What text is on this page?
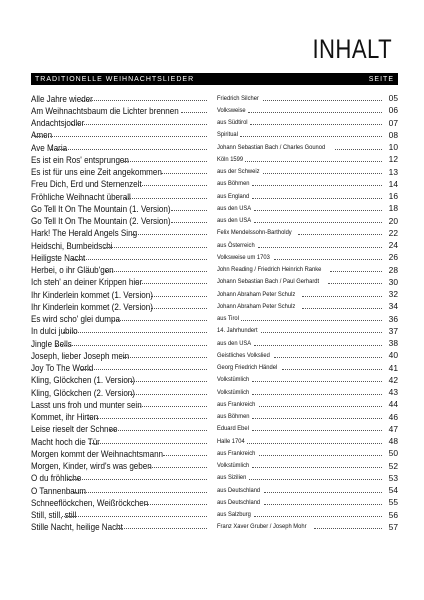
INHALT
TRADITIONELLE WEIHNACHTSLIEDER	SEITE
Alle Jahre wieder	Friedrich Silcher	05
Am Weihnachtsbaum die Lichter brennen	Volksweise	06
Andachtsjodler	aus Südtirol	07
Amen	Spiritual	08
Ave Maria	Johann Sebastian Bach / Charles Gounod	10
Es ist ein Ros' entsprungen	Köln 1599	12
Es ist für uns eine Zeit angekommen	aus der Schweiz	13
Freu Dich, Erd und Sternenzelt	aus Böhmen	14
Fröhliche Weihnacht überall	aus England	16
Go Tell It On The Mountain (1. Version)	aus den USA	18
Go Tell It On The Mountain (2. Version)	aus den USA	20
Hark! The Herald Angels Sing	Felix Mendelssohn-Bartholdy	22
Heidschi, Bumbeidschi	aus Österreich	24
Heiligste Nacht	Volksweise um 1703	26
Herbei, o ihr Gläub'gen	John Reading / Friedrich Heinrich Ranke	28
Ich steh' an deiner Krippen hier	Johann Sebastian Bach / Paul Gerhardt	30
Ihr Kinderlein kommet (1. Version)	Johann Abraham Peter Schulz	32
Ihr Kinderlein kommet (2. Version)	Johann Abraham Peter Schulz	34
Es wird scho' glei dumpa	aus Tirol	36
In dulci jubilo	14. Jahrhundert	37
Jingle Bells	aus den USA	38
Joseph, lieber Joseph mein	Geistliches Volkslied	40
Joy To The World	Georg Friedrich Händel	41
Kling, Glöckchen (1. Version)	Volkstümlich	42
Kling, Glöckchen (2. Version)	Volkstümlich	43
Lasst uns froh und munter sein	aus Frankreich	44
Kommet, ihr Hirten	aus Böhmen	46
Leise rieselt der Schnee	Eduard Ebel	47
Macht hoch die Tür	Halle 1704	48
Morgen kommt der Weihnachtsmann	aus Frankreich	50
Morgen, Kinder, wird's was geben	Volkstümlich	52
O du fröhliche	aus Sizilien	53
O Tannenbaum	aus Deutschland	54
Schneeflöckchen, Weißröckchen	aus Deutschland	55
Still, still, still	aus Salzburg	56
Stille Nacht, heilige Nacht	Franz Xaver Gruber / Joseph Mohr	57
